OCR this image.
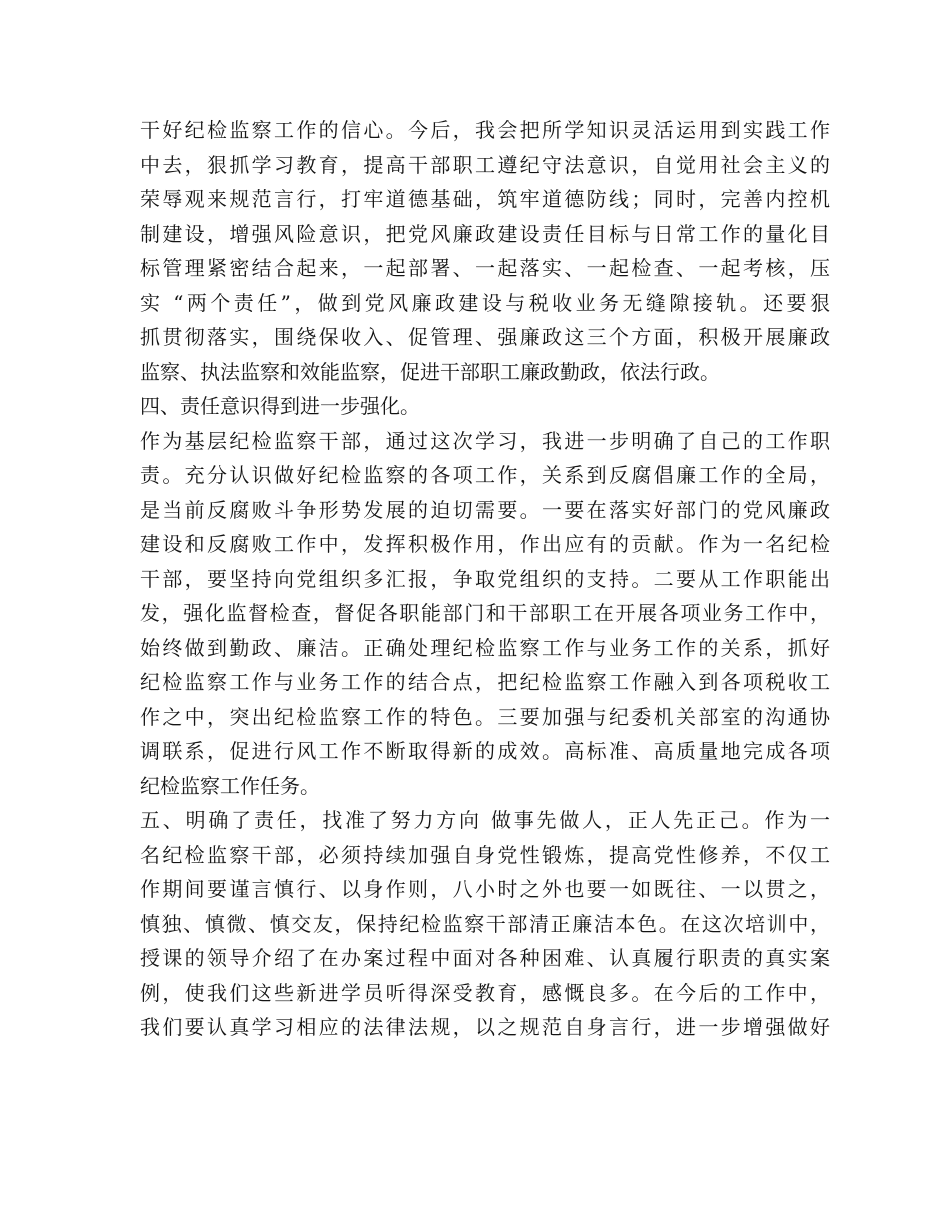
干好纪检监察工作的信心。今后，我会把所学知识灵活运用到实践工作
中去，狠抓学习教育，提高干部职工遵纪守法意识，自觉用社会主义的
荣辱观来规范言行，打牢道德基础，筑牢道德防线；同时，完善内控机
制建设，增强风险意识，把党风廉政建设责任目标与日常工作的量化目
标管理紧密结合起来，一起部署、一起落实、一起检查、一起考核，压
实 “两个责任”，做到党风廉政建设与税收业务无缝隙接轨。还要狠
抓贯彻落实，围绕保收入、促管理、强廉政这三个方面，积极开展廉政
监察、执法监察和效能监察，促进干部职工廉政勤政，依法行政。
四、责任意识得到进一步强化。
作为基层纪检监察干部，通过这次学习，我进一步明确了自己的工作职
责。充分认识做好纪检监察的各项工作，关系到反腐倡廉工作的全局，
是当前反腐败斗争形势发展的迫切需要。一要在落实好部门的党风廉政
建设和反腐败工作中，发挥积极作用，作出应有的贡献。作为一名纪检
干部，要坚持向党组织多汇报，争取党组织的支持。二要从工作职能出
发，强化监督检查，督促各职能部门和干部职工在开展各项业务工作中，
始终做到勤政、廉洁。正确处理纪检监察工作与业务工作的关系，抓好
纪检监察工作与业务工作的结合点，把纪检监察工作融入到各项税收工
作之中，突出纪检监察工作的特色。三要加强与纪委机关部室的沟通协
调联系，促进行风工作不断取得新的成效。高标准、高质量地完成各项
纪检监察工作任务。
五、明确了责任，找准了努力方向 做事先做人，正人先正己。作为一
名纪检监察干部，必须持续加强自身党性锻炼，提高党性修养，不仅工
作期间要谨言慎行、以身作则，八小时之外也要一如既往、一以贯之，
慎独、慎微、慎交友，保持纪检监察干部清正廉洁本色。在这次培训中，
授课的领导介绍了在办案过程中面对各种困难、认真履行职责的真实案
例，使我们这些新进学员听得深受教育，感慨良多。在今后的工作中，
我们要认真学习相应的法律法规，以之规范自身言行，进一步增强做好
